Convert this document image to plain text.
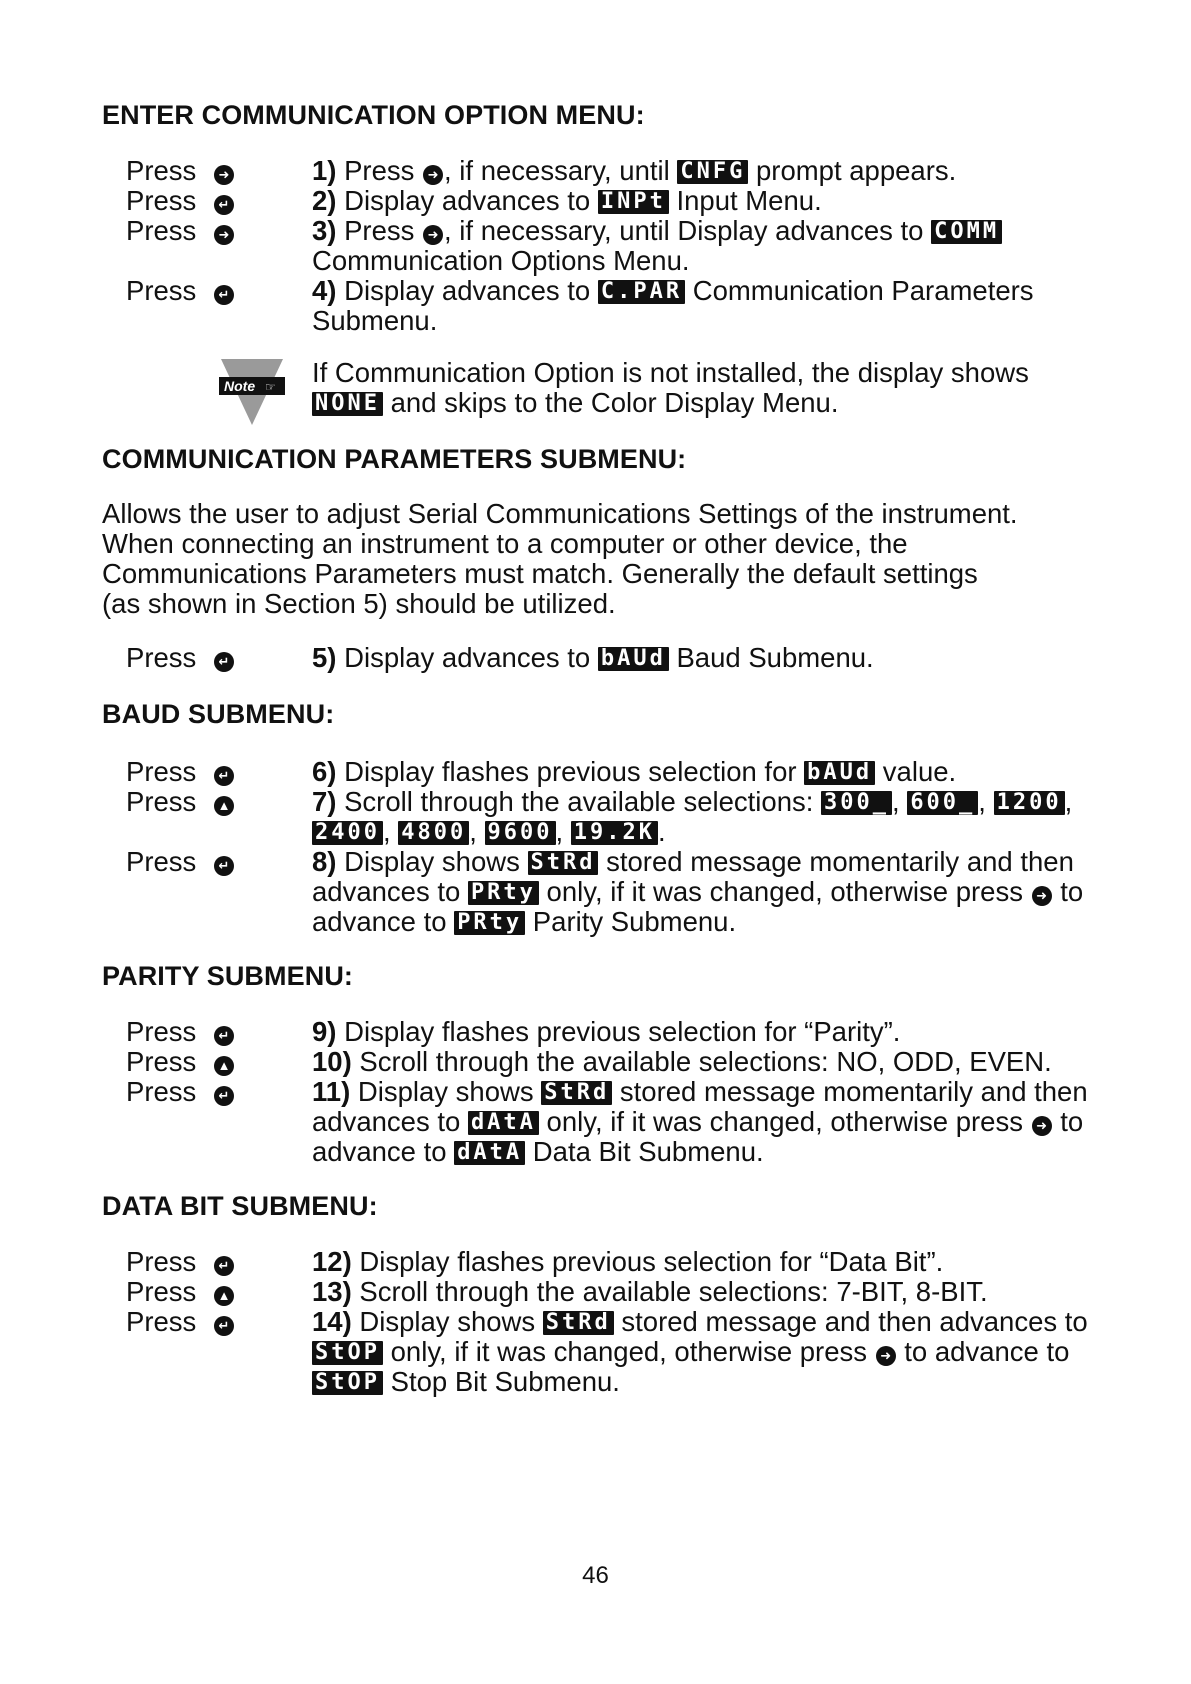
ENTER COMMUNICATION OPTION MENU:
Press ➜	1) Press ➜ , if necessary, until CNFG prompt appears.
Press ↵	2) Display advances to INPt Input Menu.
Press ➜	3) Press ➜ , if necessary, until Display advances to COMM
Communication Options Menu.
Press ↵	4) Display advances to C.PAR Communication Parameters
Submenu.
Note ☞ If Communication Option is not installed, the display shows
NONE and skips to the Color Display Menu.
COMMUNICATION PARAMETERS SUBMENU:
Allows the user to adjust Serial Communications Settings of the instrument.
When connecting an instrument to a computer or other device, the
Communications Parameters must match. Generally the default settings
(as shown in Section 5) should be utilized.
Press ↵	5) Display advances to bAUd Baud Submenu.
BAUD SUBMENU:
Press ↵	6) Display flashes previous selection for bAUd value.
Press ▲	7) Scroll through the available selections: 300_ , 600_ , 1200 ,
2400 , 4800 , 9600 , 19.2K .
Press ↵	8) Display shows StRd stored message momentarily and then
advances to PRty only, if it was changed, otherwise press ➜ to
advance to PRty Parity Submenu.
PARITY SUBMENU:
Press ↵	9) Display flashes previous selection for “Parity”.
Press ▲	10) Scroll through the available selections: NO, ODD, EVEN.
Press ↵	11) Display shows StRd stored message momentarily and then
advances to dAtA only, if it was changed, otherwise press ➜ to
advance to dAtA Data Bit Submenu.
DATA BIT SUBMENU:
Press ↵	12) Display flashes previous selection for “Data Bit”.
Press ▲	13) Scroll through the available selections: 7-BIT, 8-BIT.
Press ↵	14) Display shows StRd stored message and then advances to
StOP only, if it was changed, otherwise press ➜ to advance to
StOP Stop Bit Submenu.
46
